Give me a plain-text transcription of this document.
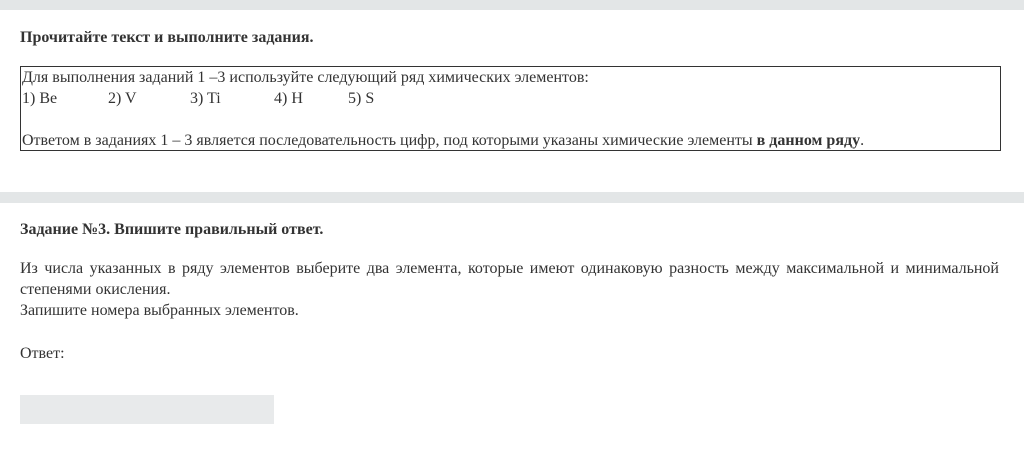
Прочитайте текст и выполните задания.
Для выполнения заданий 1 –3 используйте следующий ряд химических элементов:
1) Be	2) V	3) Ti	4) H	5) S
Ответом в заданиях 1 – 3 является последовательность цифр, под которыми указаны химические элементы в данном ряду.
Задание №3. Впишите правильный ответ.

Из числа указанных в ряду элементов выберите два элемента, которые имеют одинаковую разность между максимальной и минимальной степенями окисления.

Запишите номера выбранных элементов.

Ответ:
